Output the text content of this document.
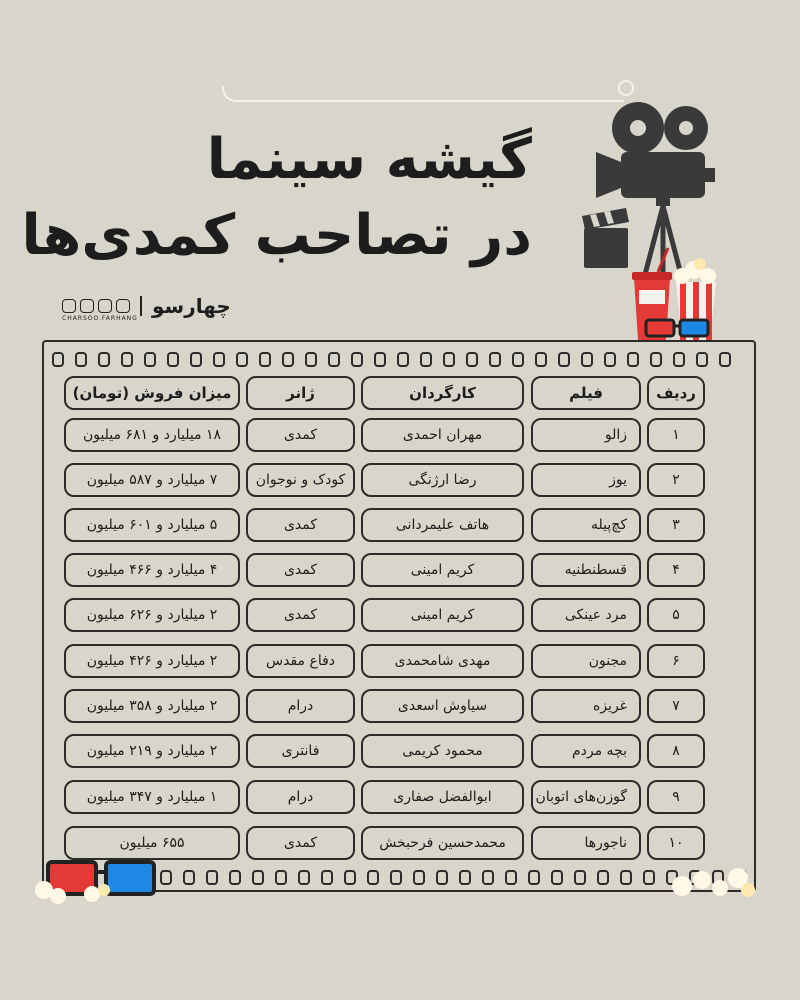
گیشه سینما
در تصاحب کمدی‌ها
چهارسو
CHARSOO.FARHANG
ردیف
فیلم
کارگردان
ژانر
میزان فروش (تومان)
۱
زالو
مهران احمدی
کمدی
۱۸ میلیارد و ۶۸۱ میلیون
۲
یوز
رضا ارژنگی
کودک و نوجوان
۷ میلیارد و ۵۸۷ میلیون
۳
کچ‌پیله
هاتف علیمردانی
کمدی
۵ میلیارد و ۶۰۱ میلیون
۴
قسطنطنیه
کریم امینی
کمدی
۴ میلیارد و ۴۶۶ میلیون
۵
مرد عینکی
کریم امینی
کمدی
۲ میلیارد و ۶۲۶ میلیون
۶
مجنون
مهدی شامحمدی
دفاع مقدس
۲ میلیارد و ۴۲۶ میلیون
۷
غریزه
سیاوش اسعدی
درام
۲ میلیارد و ۳۵۸ میلیون
۸
بچه مردم
محمود کریمی
فانتری
۲ میلیارد و ۲۱۹ میلیون
۹
گوزن‌های اتوبان
ابوالفضل صفاری
درام
۱ میلیارد و ۳۴۷ میلیون
۱۰
ناجورها
محمدحسین فرحبخش
کمدی
۶۵۵ میلیون
